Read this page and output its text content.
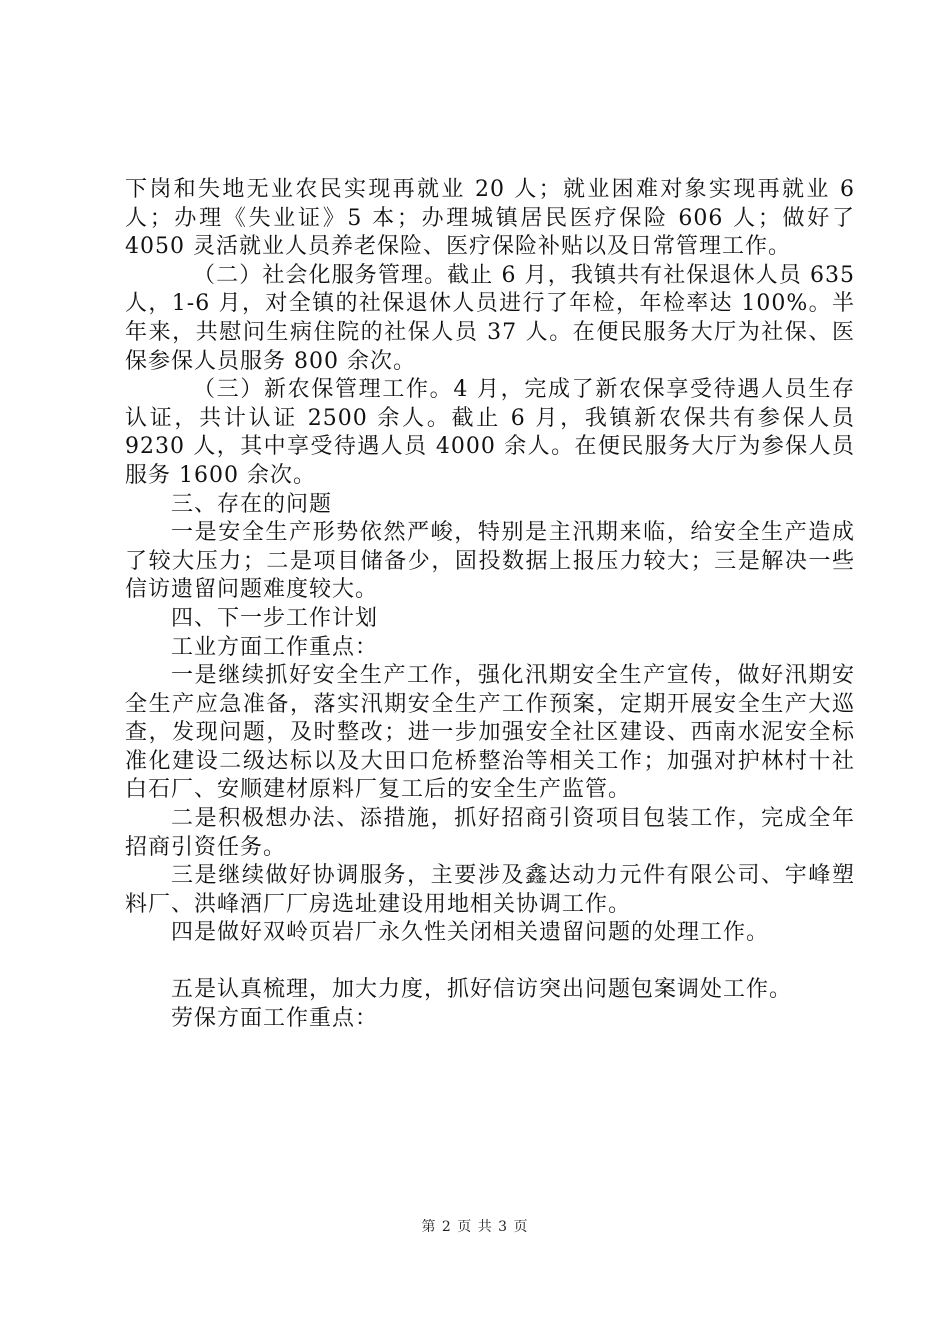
下岗和失地无业农民实现再就业 20 人；就业困难对象实现再就业 6 人；办理《失业证》5 本；办理城镇居民医疗保险 606 人；做好了 4050 灵活就业人员养老保险、医疗保险补贴以及日常管理工作。

（二）社会化服务管理。截止 6 月，我镇共有社保退休人员 635 人，1-6 月，对全镇的社保退休人员进行了年检，年检率达 100%。半年来，共慰问生病住院的社保人员 37 人。在便民服务大厅为社保、医保参保人员服务 800 余次。

（三）新农保管理工作。4 月，完成了新农保享受待遇人员生存认证，共计认证 2500 余人。截止 6 月，我镇新农保共有参保人员 9230 人，其中享受待遇人员 4000 余人。在便民服务大厅为参保人员服务 1600 余次。

三、存在的问题

一是安全生产形势依然严峻，特别是主汛期来临，给安全生产造成了较大压力；二是项目储备少，固投数据上报压力较大；三是解决一些信访遗留问题难度较大。

四、下一步工作计划

工业方面工作重点：

一是继续抓好安全生产工作，强化汛期安全生产宣传，做好汛期安全生产应急准备，落实汛期安全生产工作预案，定期开展安全生产大巡查，发现问题，及时整改；进一步加强安全社区建设、西南水泥安全标准化建设二级达标以及大田口危桥整治等相关工作；加强对护林村十社白石厂、安顺建材原料厂复工后的安全生产监管。

二是积极想办法、添措施，抓好招商引资项目包装工作，完成全年招商引资任务。

三是继续做好协调服务，主要涉及鑫达动力元件有限公司、宇峰塑料厂、洪峰酒厂厂房选址建设用地相关协调工作。

四是做好双岭页岩厂永久性关闭相关遗留问题的处理工作。

五是认真梳理，加大力度，抓好信访突出问题包案调处工作。

劳保方面工作重点：

第 2 页 共 3 页
